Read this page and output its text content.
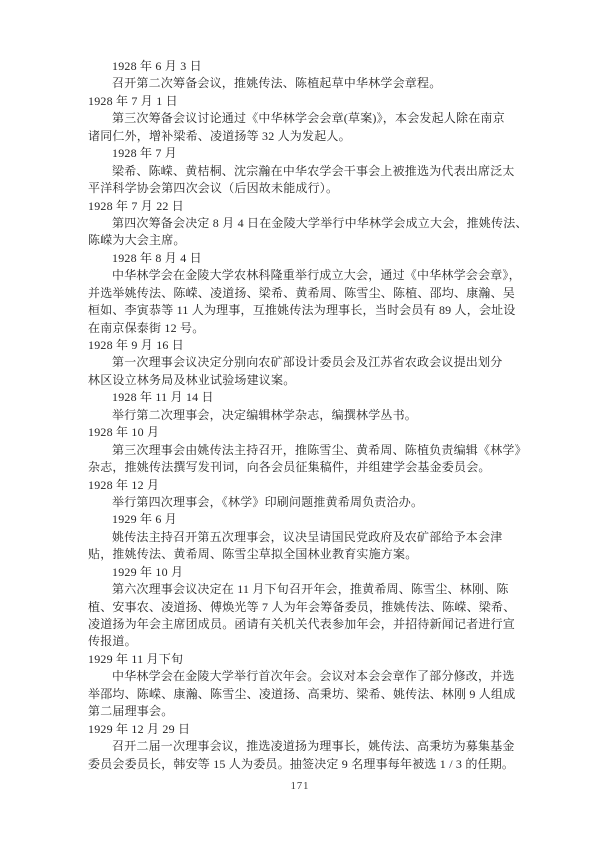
1928 年 6 月 3 日
召开第二次筹备会议，推姚传法、陈植起草中华林学会章程。
1928 年 7 月 1 日
第三次筹备会议讨论通过《中华林学会会章(草案)》，本会发起人除在南京
诸同仁外，增补梁希、凌道扬等 32 人为发起人。
1928 年 7 月
梁希、陈嵘、黄桔桐、沈宗瀚在中华农学会干事会上被推选为代表出席泛太
平洋科学协会第四次会议（后因故未能成行）。
1928 年 7 月 22 日
第四次筹备会决定 8 月 4 日在金陵大学举行中华林学会成立大会，推姚传法、
陈嵘为大会主席。
1928 年 8 月 4 日
中华林学会在金陵大学农林科隆重举行成立大会，通过《中华林学会会章》，
并选举姚传法、陈嵘、凌道扬、梁希、黄希周、陈雪尘、陈植、邵均、康瀚、吴
桓如、李寅恭等 11 人为理事，互推姚传法为理事长，当时会员有 89 人，会址设
在南京保泰街 12 号。
1928 年 9 月 16 日
第一次理事会议决定分别向农矿部设计委员会及江苏省农政会议提出划分
林区设立林务局及林业试验场建议案。
1928 年 11 月 14 日
举行第二次理事会，决定编辑林学杂志，编撰林学丛书。
1928 年 10 月
第三次理事会由姚传法主持召开，推陈雪尘、黄希周、陈植负责编辑《林学》
杂志，推姚传法撰写发刊词，向各会员征集稿件，并组建学会基金委员会。
1928 年 12 月
举行第四次理事会，《林学》印刷问题推黄希周负责洽办。
1929 年 6 月
姚传法主持召开第五次理事会，议决呈请国民党政府及农矿部给予本会津
贴，推姚传法、黄希周、陈雪尘草拟全国林业教育实施方案。
1929 年 10 月
第六次理事会议决定在 11 月下旬召开年会，推黄希周、陈雪尘、林刚、陈
植、安事农、凌道扬、傅焕光等 7 人为年会筹备委员，推姚传法、陈嵘、梁希、
凌道扬为年会主席团成员。函请有关机关代表参加年会，并招待新闻记者进行宣
传报道。
1929 年 11 月下旬
中华林学会在金陵大学举行首次年会。会议对本会会章作了部分修改，并选
举邵均、陈嵘、康瀚、陈雪尘、凌道扬、高秉坊、梁希、姚传法、林刚 9 人组成
第二届理事会。
1929 年 12 月 29 日
召开二届一次理事会议，推选凌道扬为理事长，姚传法、高秉坊为募集基金
委员会委员长，韩安等 15 人为委员。抽签决定 9 名理事每年被选 1 / 3 的任期。
171
